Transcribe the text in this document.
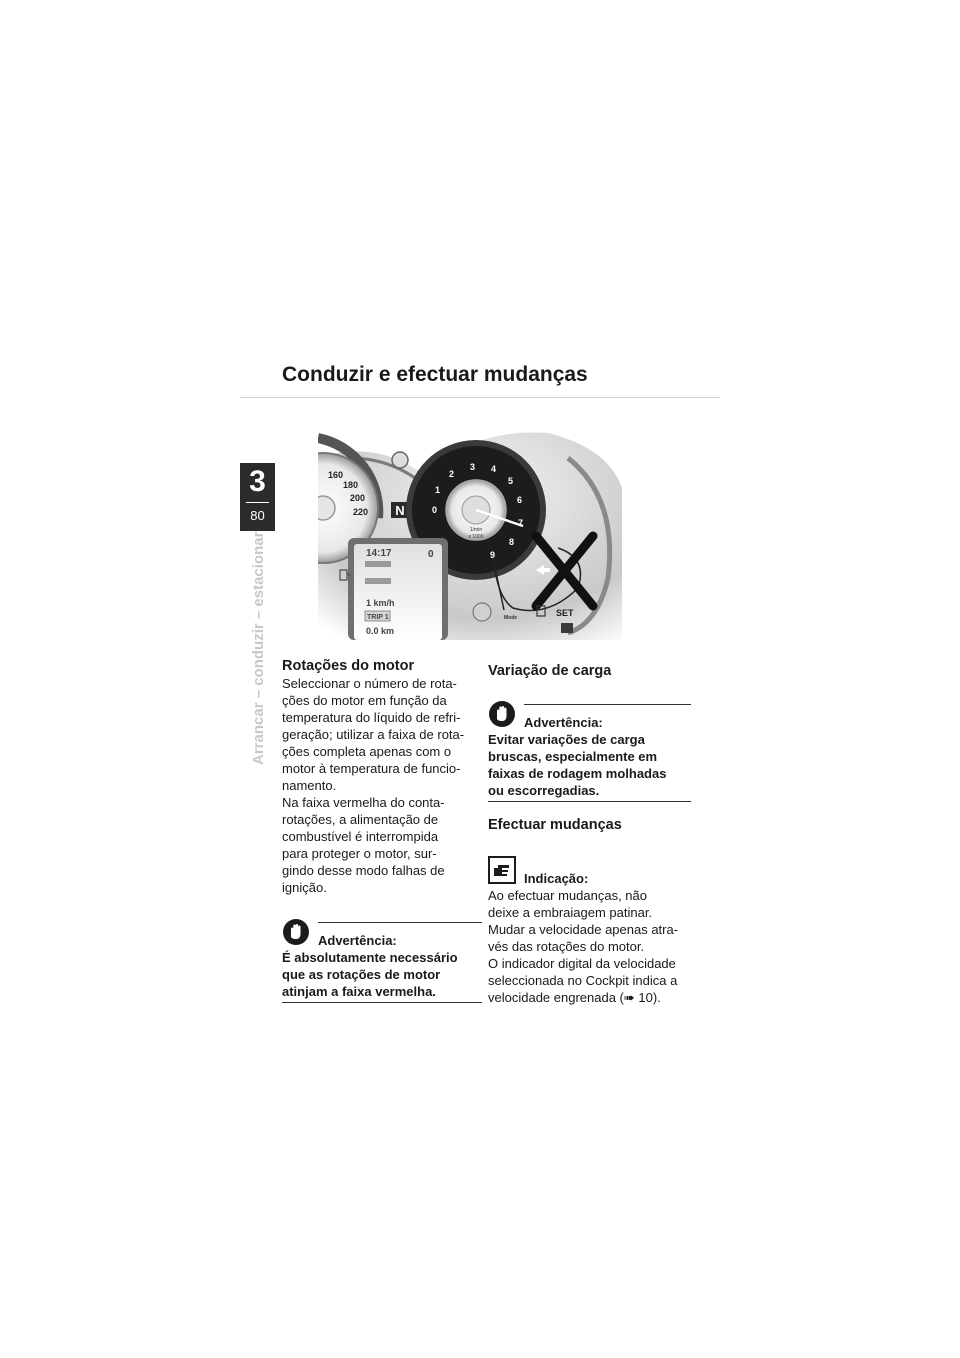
3
80
Arrancar – conduzir – estacionar
Conduzir e efectuar mudanças
160
180
200
220 N	0
1
2
3 4
5
6
7
8
9
1/min
x 1000
14:17	0
1 km/h
TRIP 1
0.0 km
Mode	SET
Rotações do motor
Seleccionar o número de rota-
ções do motor em função da
temperatura do líquido de refri-
geração; utilizar a faixa de rota-
ções completa apenas com o
motor à temperatura de funcio-
namento.
Na faixa vermelha do conta-
rotações, a alimentação de
combustível é interrompida
para proteger o motor, sur-
gindo desse modo falhas de
ignição.
Advertência:
É absolutamente necessário
que as rotações de motor
atinjam a faixa vermelha.
Variação de carga
Advertência:
Evitar variações de carga
bruscas, especialmente em
faixas de rodagem molhadas
ou escorregadias.
Efectuar mudanças
Indicação:
Ao efectuar mudanças, não
deixe a embraiagem patinar.
Mudar a velocidade apenas atra-
vés das rotações do motor.
O indicador digital da velocidade
seleccionada no Cockpit indica a
velocidade engrenada (➠ 10).
